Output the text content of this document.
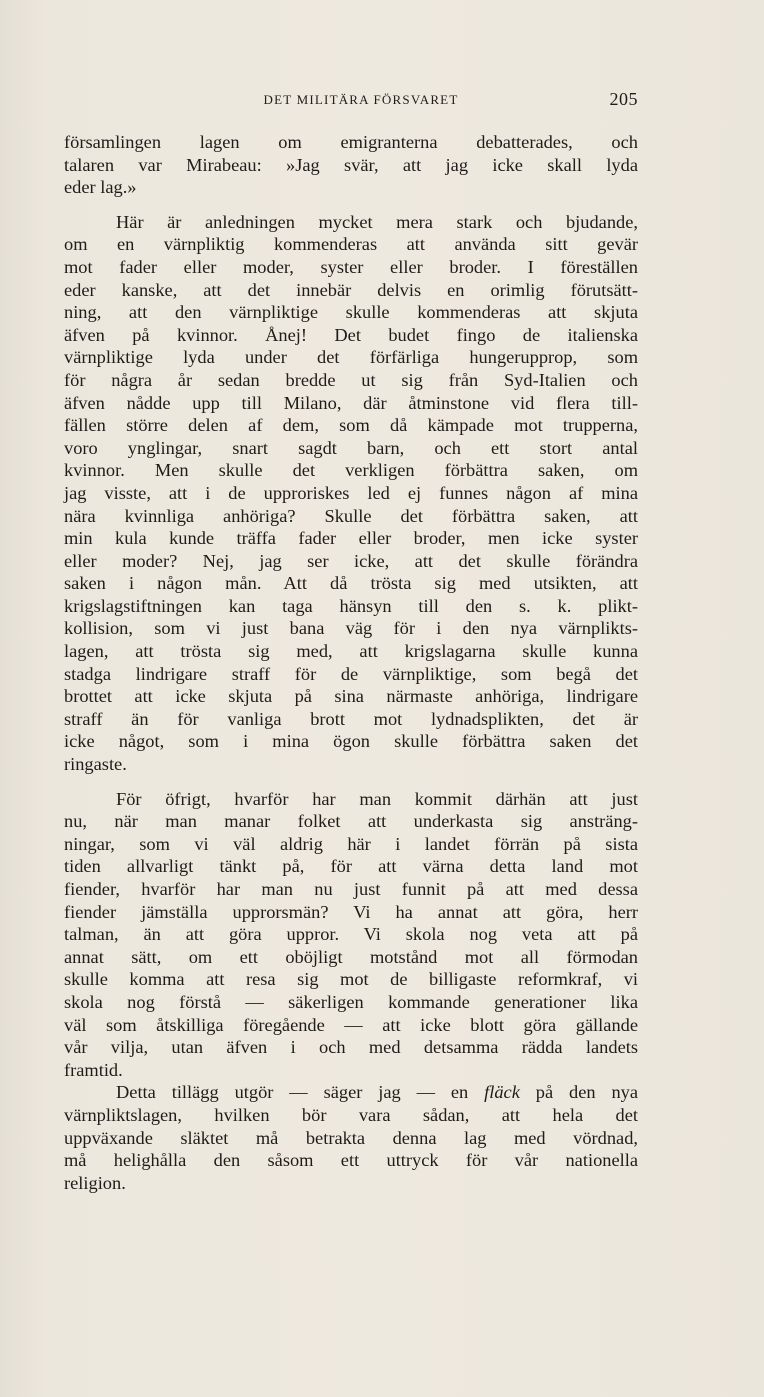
DET MILITÄRA FÖRSVARET	205
församlingen lagen om emigranterna debatterades, och
talaren var Mirabeau: »Jag svär, att jag icke skall lyda
eder lag.»
Här är anledningen mycket mera stark och bjudande,
om en värnpliktig kommenderas att använda sitt gevär
mot fader eller moder, syster eller broder. I föreställen
eder kanske, att det innebär delvis en orimlig förutsätt-
ning, att den värnpliktige skulle kommenderas att skjuta
äfven på kvinnor. Ånej! Det budet fingo de italienska
värnpliktige lyda under det förfärliga hungerupprор, som
för några år sedan bredde ut sig från Syd-Italien och
äfven nådde upp till Milano, där åtminstone vid flera till-
fällen större delen af dem, som då kämpade mot trupperna,
voro ynglingar, snart sagdt barn, och ett stort antal
kvinnor. Men skulle det verkligen förbättra saken, om
jag visste, att i de upproriskes led ej funnes någon af mina
nära kvinnliga anhöriga? Skulle det förbättra saken, att
min kula kunde träffa fader eller broder, men icke syster
eller moder? Nej, jag ser icke, att det skulle förändra
saken i någon mån. Att då trösta sig med utsikten, att
krigslagstiftningen kan taga hänsyn till den s. k. plikt-
kollision, som vi just bana väg för i den nya värnplikts-
lagen, att trösta sig med, att krigslagarna skulle kunna
stadga lindrigare straff för de värnpliktige, som begå det
brottet att icke skjuta på sina närmaste anhöriga, lindrigare
straff än för vanliga brott mot lydnadsplikten, det är
icke något, som i mina ögon skulle förbättra saken det
ringaste.
För öfrigt, hvarför har man kommit därhän att just
nu, när man manar folket att underkasta sig ansträng-
ningar, som vi väl aldrig här i landet förrän på sista
tiden allvarligt tänkt på, för att värna detta land mot
fiender, hvarför har man nu just funnit på att med dessa
fiender jämställa upprorsmän? Vi ha annat att göra, herr
talman, än att göra uppror. Vi skola nog veta att på
annat sätt, om ett oböjligt motstånd mot all förmodan
skulle komma att resa sig mot de billigaste reformkraf, vi
skola nog förstå — säkerligen kommande generationer lika
väl som åtskilliga föregående — att icke blott göra gällande
vår vilja, utan äfven i och med detsamma rädda landets
framtid.
Detta tillägg utgör — säger jag — en fläck på den nya
värnpliktslagen, hvilken bör vara sådan, att hela det
uppväxande släktet må betrakta denna lag med vördnad,
må helighålla den såsom ett uttryck för vår nationella
religion.
